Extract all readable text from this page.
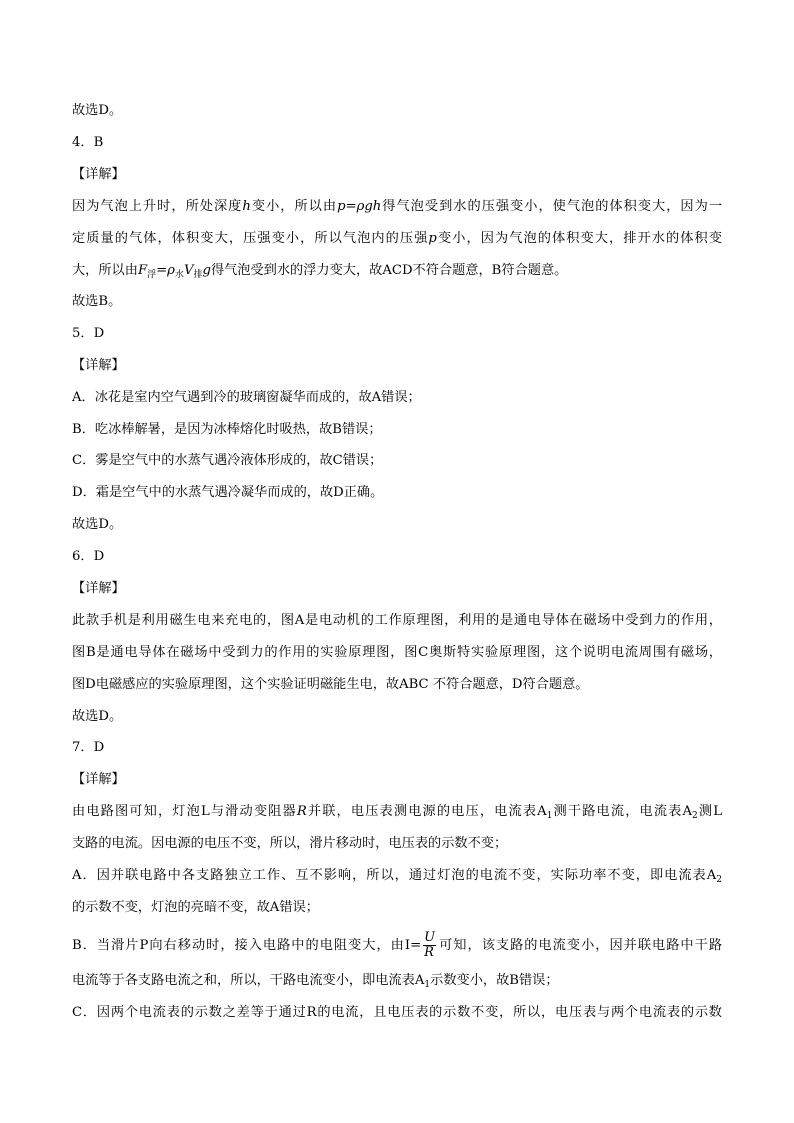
故选D。
4．B
【详解】
因为气泡上升时，所处深度h变小，所以由p=ρgh得气泡受到水的压强变小，使气泡的体积变大，因为一
定质量的气体，体积变大，压强变小，所以气泡内的压强p变小，因为气泡的体积变大，排开水的体积变
大，所以由$F_浮=\rho_水V_排g$得气泡受到水的浮力变大，故ACD不符合题意，B符合题意。
故选B。
5．D
【详解】
A．冰花是室内空气遇到冷的玻璃窗凝华而成的，故A错误；
B．吃冰棒解暑，是因为冰棒熔化时吸热，故B错误；
C．雾是空气中的水蒸气遇冷液体形成的，故C错误；
D．霜是空气中的水蒸气遇冷凝华而成的，故D正确。
故选D。
6．D
【详解】
此款手机是利用磁生电来充电的，图A是电动机的工作原理图，利用的是通电导体在磁场中受到力的作用，
图B是通电导体在磁场中受到力的作用的实验原理图，图C奥斯特实验原理图，这个说明电流周围有磁场，
图D电磁感应的实验原理图，这个实验证明磁能生电，故ABC 不符合题意，D符合题意。
故选D。
7．D
【详解】
由电路图可知，灯泡L与滑动变阻器R并联，电压表测电源的电压，电流表$A_1$测干路电流，电流表$A_2$测L
支路的电流。因电源的电压不变，所以，滑片移动时，电压表的示数不变；
A．因并联电路中各支路独立工作、互不影响，所以，通过灯泡的电流不变，实际功率不变，即电流表$A_2$
的示数不变，灯泡的亮暗不变，故A错误；
B．当滑片P向右移动时，接入电路中的电阻变大，由$I= \frac{U}{R}$ 可知，该支路的电流变小，因并联电路中干路
电流等于各支路电流之和，所以，干路电流变小，即电流表$A_1$示数变小，故B错误；
C．因两个电流表的示数之差等于通过R的电流，且电压表的示数不变，所以，电压表与两个电流表的示数
